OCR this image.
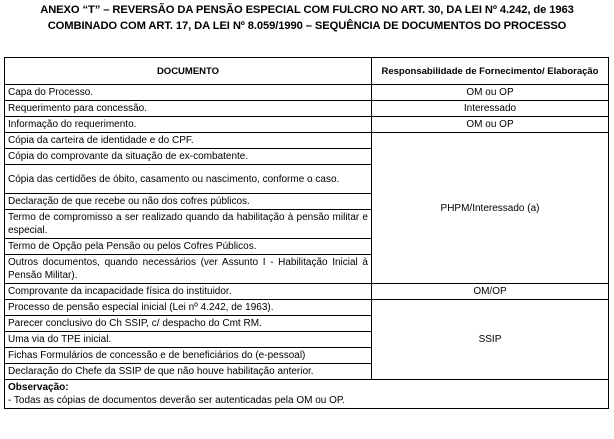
ANEXO “T” – REVERSÃO DA PENSÃO ESPECIAL COM FULCRO NO ART. 30, DA LEI Nº 4.242, de 1963
COMBINADO COM ART. 17, DA LEI Nº 8.059/1990 – SEQUÊNCIA DE DOCUMENTOS DO PROCESSO
DOCUMENTO	Responsabilidade de Fornecimento/ Elaboração
Capa do Processo.	OM ou OP
Requerimento para concessão.	Interessado
Informação do requerimento.	OM ou OP
Cópia da carteira de identidade e do CPF.	PHPM/Interessado (a)
Cópia do comprovante da situação de ex-combatente.	
Cópia das certidões de óbito, casamento ou nascimento, conforme o caso.	
Declaração de que recebe ou não dos cofres públicos.	
Termo de compromisso a ser realizado quando da habilitação à pensão militar e especial.	
Termo de Opção pela Pensão ou pelos Cofres Públicos.	
Outros documentos, quando necessários (ver Assunto I - Habilitação Inicial à Pensão Militar).	
Comprovante da incapacidade física do instituidor.	OM/OP
Processo de pensão especial inicial (Lei nº 4.242, de 1963).	SSIP
Parecer conclusivo do Ch SSIP, c/ despacho do Cmt RM.	
Uma via do TPE inicial.	
Fichas Formulários de concessão e de beneficiários do (e-pessoal)	
Declaração do Chefe da SSIP de que não houve habilitação anterior.	

Observação:
- Todas as cópias de documentos deverão ser autenticadas pela OM ou OP.	
